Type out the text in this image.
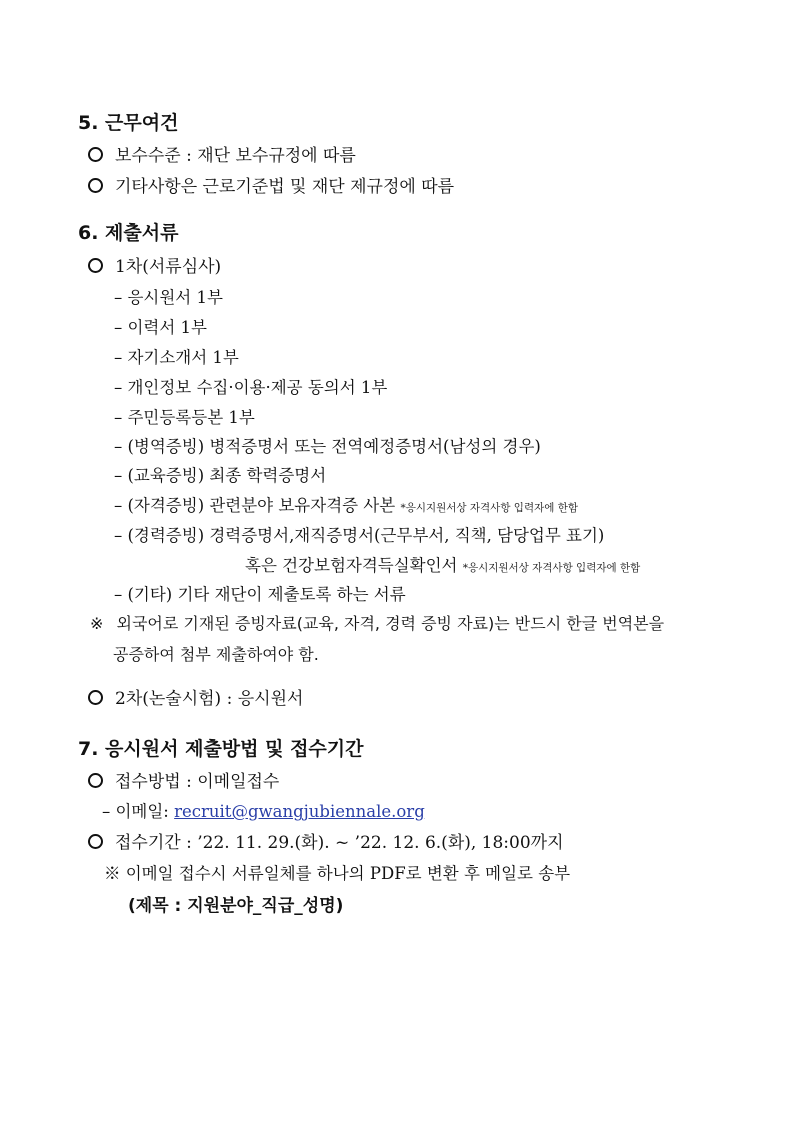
5. 근무여건
보수수준 : 재단 보수규정에 따름
기타사항은 근로기준법 및 재단 제규정에 따름
6. 제출서류
1차(서류심사)
– 응시원서 1부
– 이력서 1부
– 자기소개서 1부
– 개인정보 수집·이용·제공 동의서 1부
– 주민등록등본 1부
– (병역증빙) 병적증명서 또는 전역예정증명서(남성의 경우)
– (교육증빙) 최종 학력증명서
– (자격증빙) 관련분야 보유자격증 사본 *응시지원서상 자격사항 입력자에 한함
– (경력증빙) 경력증명서,재직증명서(근무부서, 직책, 담당업무 표기)
혹은 건강보험자격득실확인서 *응시지원서상 자격사항 입력자에 한함
– (기타) 기타 재단이 제출토록 하는 서류
※ 외국어로 기재된 증빙자료(교육, 자격, 경력 증빙 자료)는 반드시 한글 번역본을
공증하여 첨부 제출하여야 함.
2차(논술시험) : 응시원서
7. 응시원서 제출방법 및 접수기간
접수방법 : 이메일접수
– 이메일: recruit@gwangjubiennale.org
접수기간 : ’22. 11. 29.(화). ~ ’22. 12. 6.(화), 18:00까지
※ 이메일 접수시 서류일체를 하나의 PDF로 변환 후 메일로 송부
(제목 : 지원분야_직급_성명)
